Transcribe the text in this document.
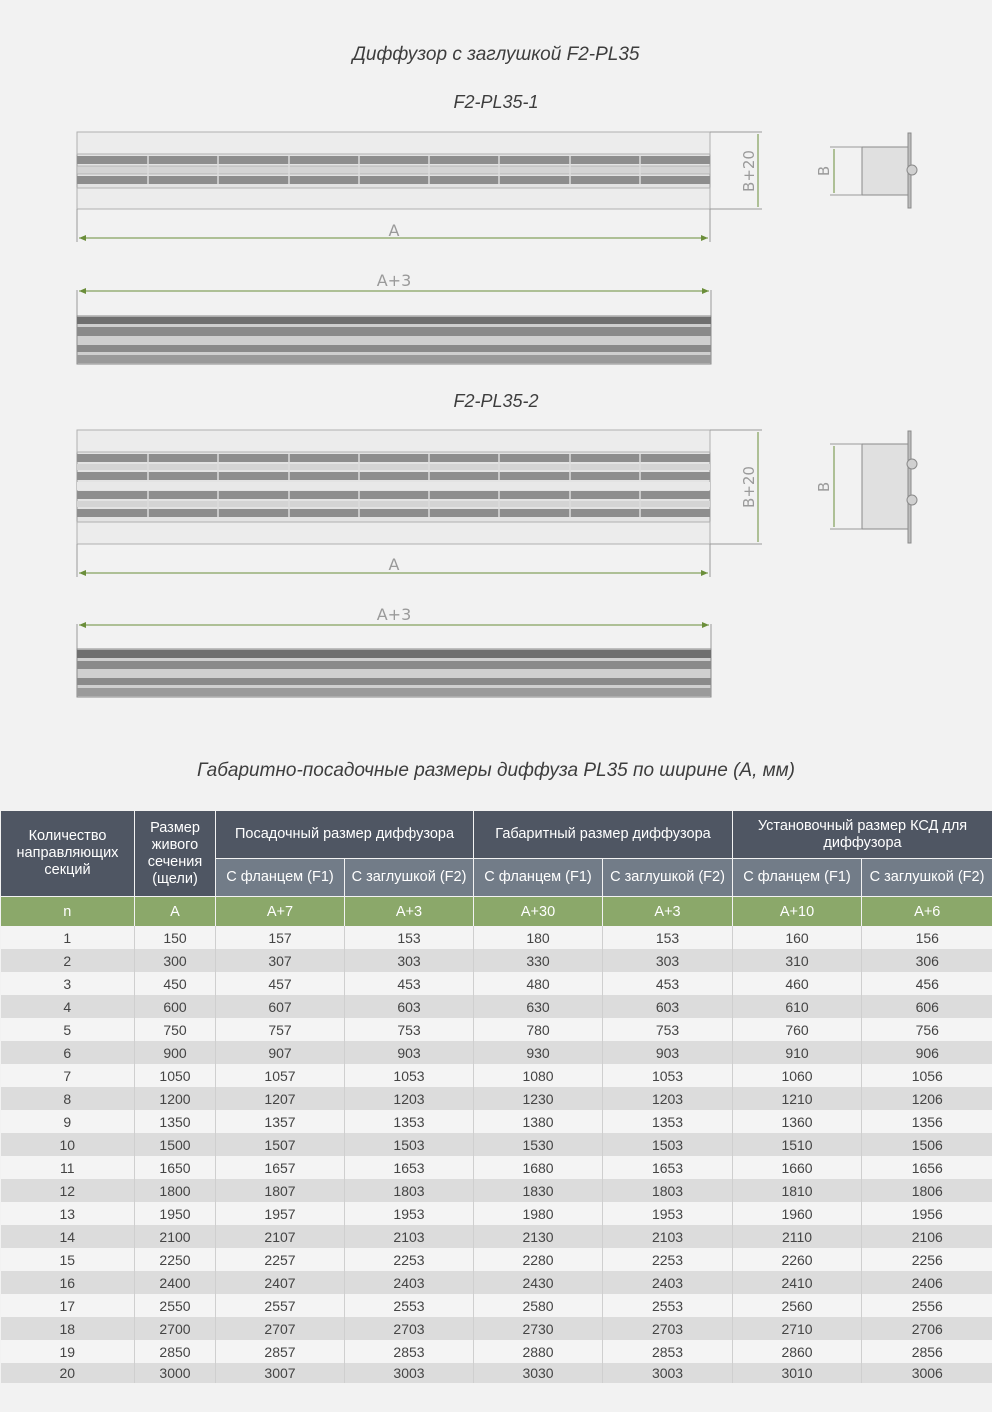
Диффузор с заглушкой F2-PL35
F2-PL35-1
F2-PL35-2
A
B+20	B
A+3
A
B+20	B
A+3
Габаритно-посадочные размеры диффуза PL35 по ширине (А, мм)
Количество направляющих секций	Размер живого сечения (щели)	Посадочный размер диффузора		Габаритный размер диффузора		Установочный размер КСД для диффузора	
		С фланцем (F1)	С заглушкой (F2)	С фланцем (F1)	С заглушкой (F2)	С фланцем (F1)	С заглушкой (F2)
n	A	A+7	A+3	A+30	A+3	A+10	A+6
1	150	157	153	180	153	160	156
2	300	307	303	330	303	310	306
3	450	457	453	480	453	460	456
4	600	607	603	630	603	610	606
5	750	757	753	780	753	760	756
6	900	907	903	930	903	910	906
7	1050	1057	1053	1080	1053	1060	1056
8	1200	1207	1203	1230	1203	1210	1206
9	1350	1357	1353	1380	1353	1360	1356
10	1500	1507	1503	1530	1503	1510	1506
11	1650	1657	1653	1680	1653	1660	1656
12	1800	1807	1803	1830	1803	1810	1806
13	1950	1957	1953	1980	1953	1960	1956
14	2100	2107	2103	2130	2103	2110	2106
15	2250	2257	2253	2280	2253	2260	2256
16	2400	2407	2403	2430	2403	2410	2406
17	2550	2557	2553	2580	2553	2560	2556
18	2700	2707	2703	2730	2703	2710	2706
19	2850	2857	2853	2880	2853	2860	2856
20	3000	3007	3003	3030	3003	3010	3006
